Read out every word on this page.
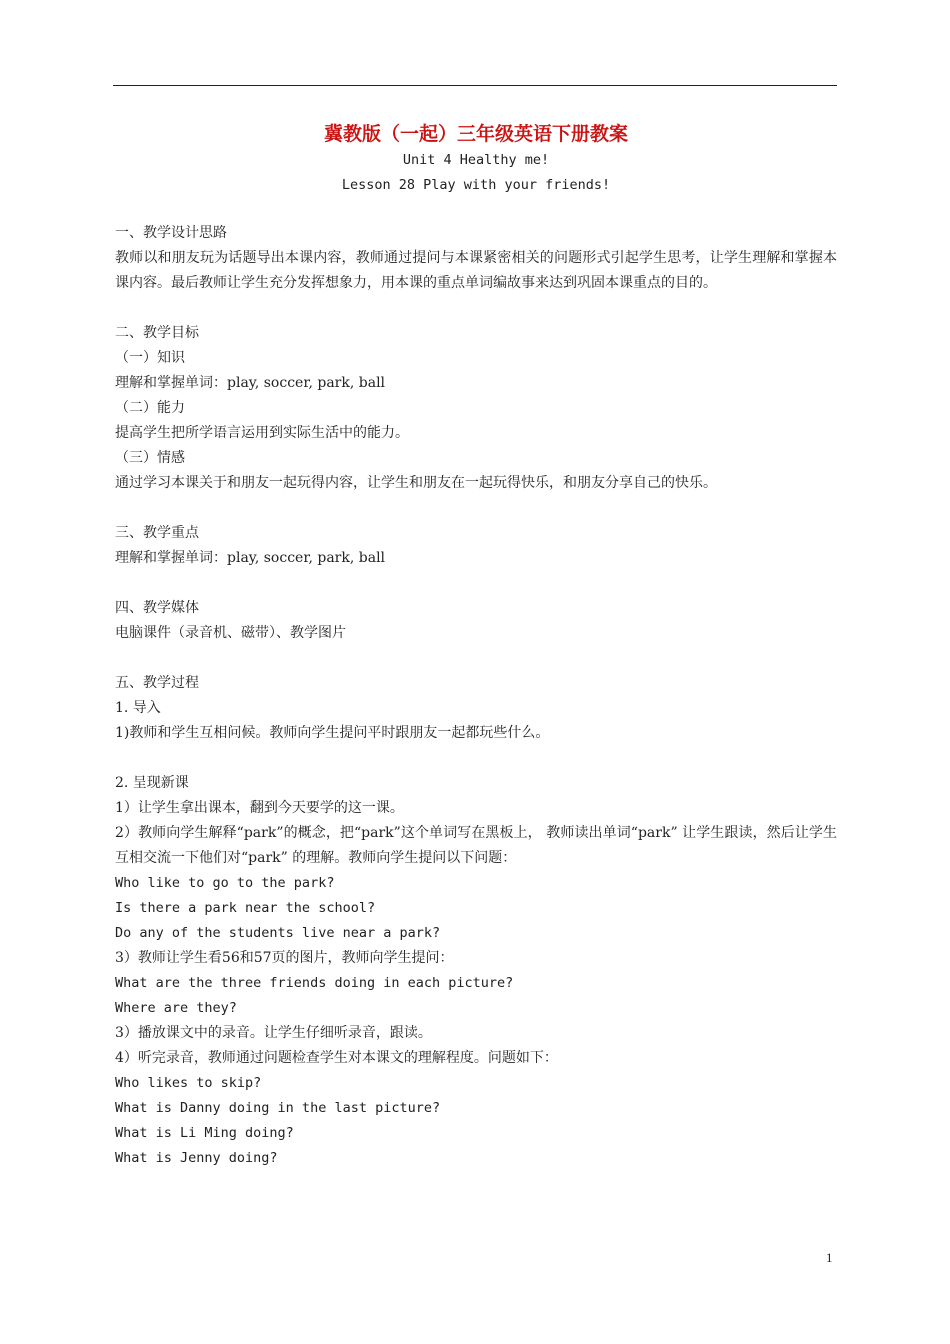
冀教版（一起）三年级英语下册教案
Unit 4 Healthy me!
Lesson 28 Play with your friends!
一、教学设计思路
教师以和朋友玩为话题导出本课内容，教师通过提问与本课紧密相关的问题形式引起学生思考，让学生理解和掌握本课内容。最后教师让学生充分发挥想象力，用本课的重点单词编故事来达到巩固本课重点的目的。
二、教学目标
（一）知识
理解和掌握单词：play, soccer, park, ball
（二）能力
提高学生把所学语言运用到实际生活中的能力。
（三）情感
通过学习本课关于和朋友一起玩得内容，让学生和朋友在一起玩得快乐，和朋友分享自己的快乐。
三、教学重点
理解和掌握单词：play, soccer, park, ball
四、教学媒体
电脑课件（录音机、磁带）、教学图片
五、教学过程
1. 导入
1)教师和学生互相问候。教师向学生提问平时跟朋友一起都玩些什么。
2. 呈现新课
1）让学生拿出课本，翻到今天要学的这一课。
2）教师向学生解释“park”的概念，把“park”这个单词写在黑板上， 教师读出单词“park” 让学生跟读，然后让学生互相交流一下他们对“park” 的理解。教师向学生提问以下问题：
Who like to go to the park?
Is there a park near the school?
Do any of the students live near a park?
3）教师让学生看56和57页的图片，教师向学生提问：
What are the three friends doing in each picture?
Where are they?
3）播放课文中的录音。让学生仔细听录音，跟读。
4）听完录音，教师通过问题检查学生对本课文的理解程度。问题如下：
Who likes to skip?
What is Danny doing in the last picture?
What is Li Ming doing?
What is Jenny doing?
1
